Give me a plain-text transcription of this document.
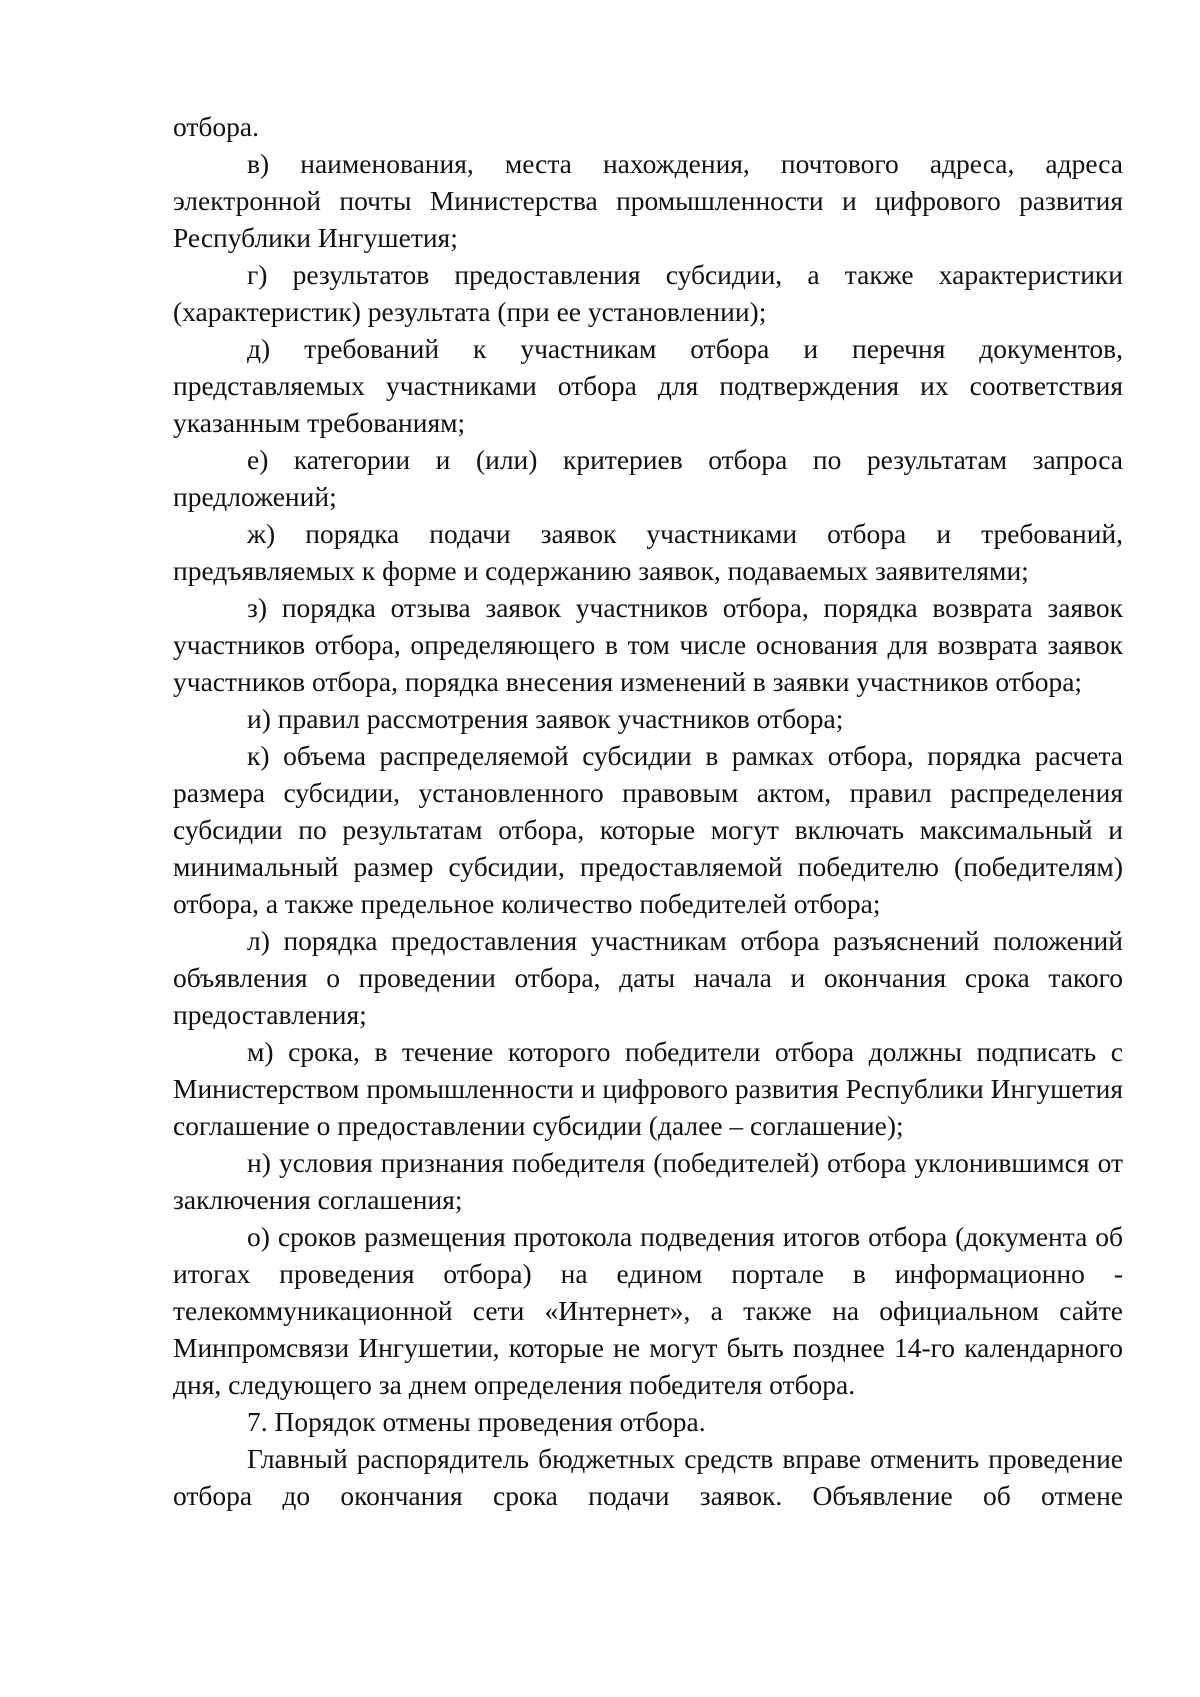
отбора.

в) наименования, места нахождения, почтового адреса, адреса электронной почты Министерства промышленности и цифрового развития Республики Ингушетия;

г) результатов предоставления субсидии, а также характеристики (характеристик) результата (при ее установлении);

д) требований к участникам отбора и перечня документов, представляемых участниками отбора для подтверждения их соответствия указанным требованиям;

е) категории и (или) критериев отбора по результатам запроса предложений;

ж) порядка подачи заявок участниками отбора и требований, предъявляемых к форме и содержанию заявок, подаваемых заявителями;

з) порядка отзыва заявок участников отбора, порядка возврата заявок участников отбора, определяющего в том числе основания для возврата заявок участников отбора, порядка внесения изменений в заявки участников отбора;

и) правил рассмотрения заявок участников отбора;

к) объема распределяемой субсидии в рамках отбора, порядка расчета размера субсидии, установленного правовым актом, правил распределения субсидии по результатам отбора, которые могут включать максимальный и минимальный размер субсидии, предоставляемой победителю (победителям) отбора, а также предельное количество победителей отбора;

л) порядка предоставления участникам отбора разъяснений положений объявления о проведении отбора, даты начала и окончания срока такого предоставления;

м) срока, в течение которого победители отбора должны подписать с Министерством промышленности и цифрового развития Республики Ингушетия соглашение о предоставлении субсидии (далее – соглашение);

н) условия признания победителя (победителей) отбора уклонившимся от заключения соглашения;

о) сроков размещения протокола подведения итогов отбора (документа об итогах проведения отбора) на едином портале в информационно - телекоммуникационной сети «Интернет», а также на официальном сайте Минпромсвязи Ингушетии, которые не могут быть позднее 14-го календарного дня, следующего за днем определения победителя отбора.

7. Порядок отмены проведения отбора.

Главный распорядитель бюджетных средств вправе отменить проведение отбора до окончания срока подачи заявок. Объявление об отмене
